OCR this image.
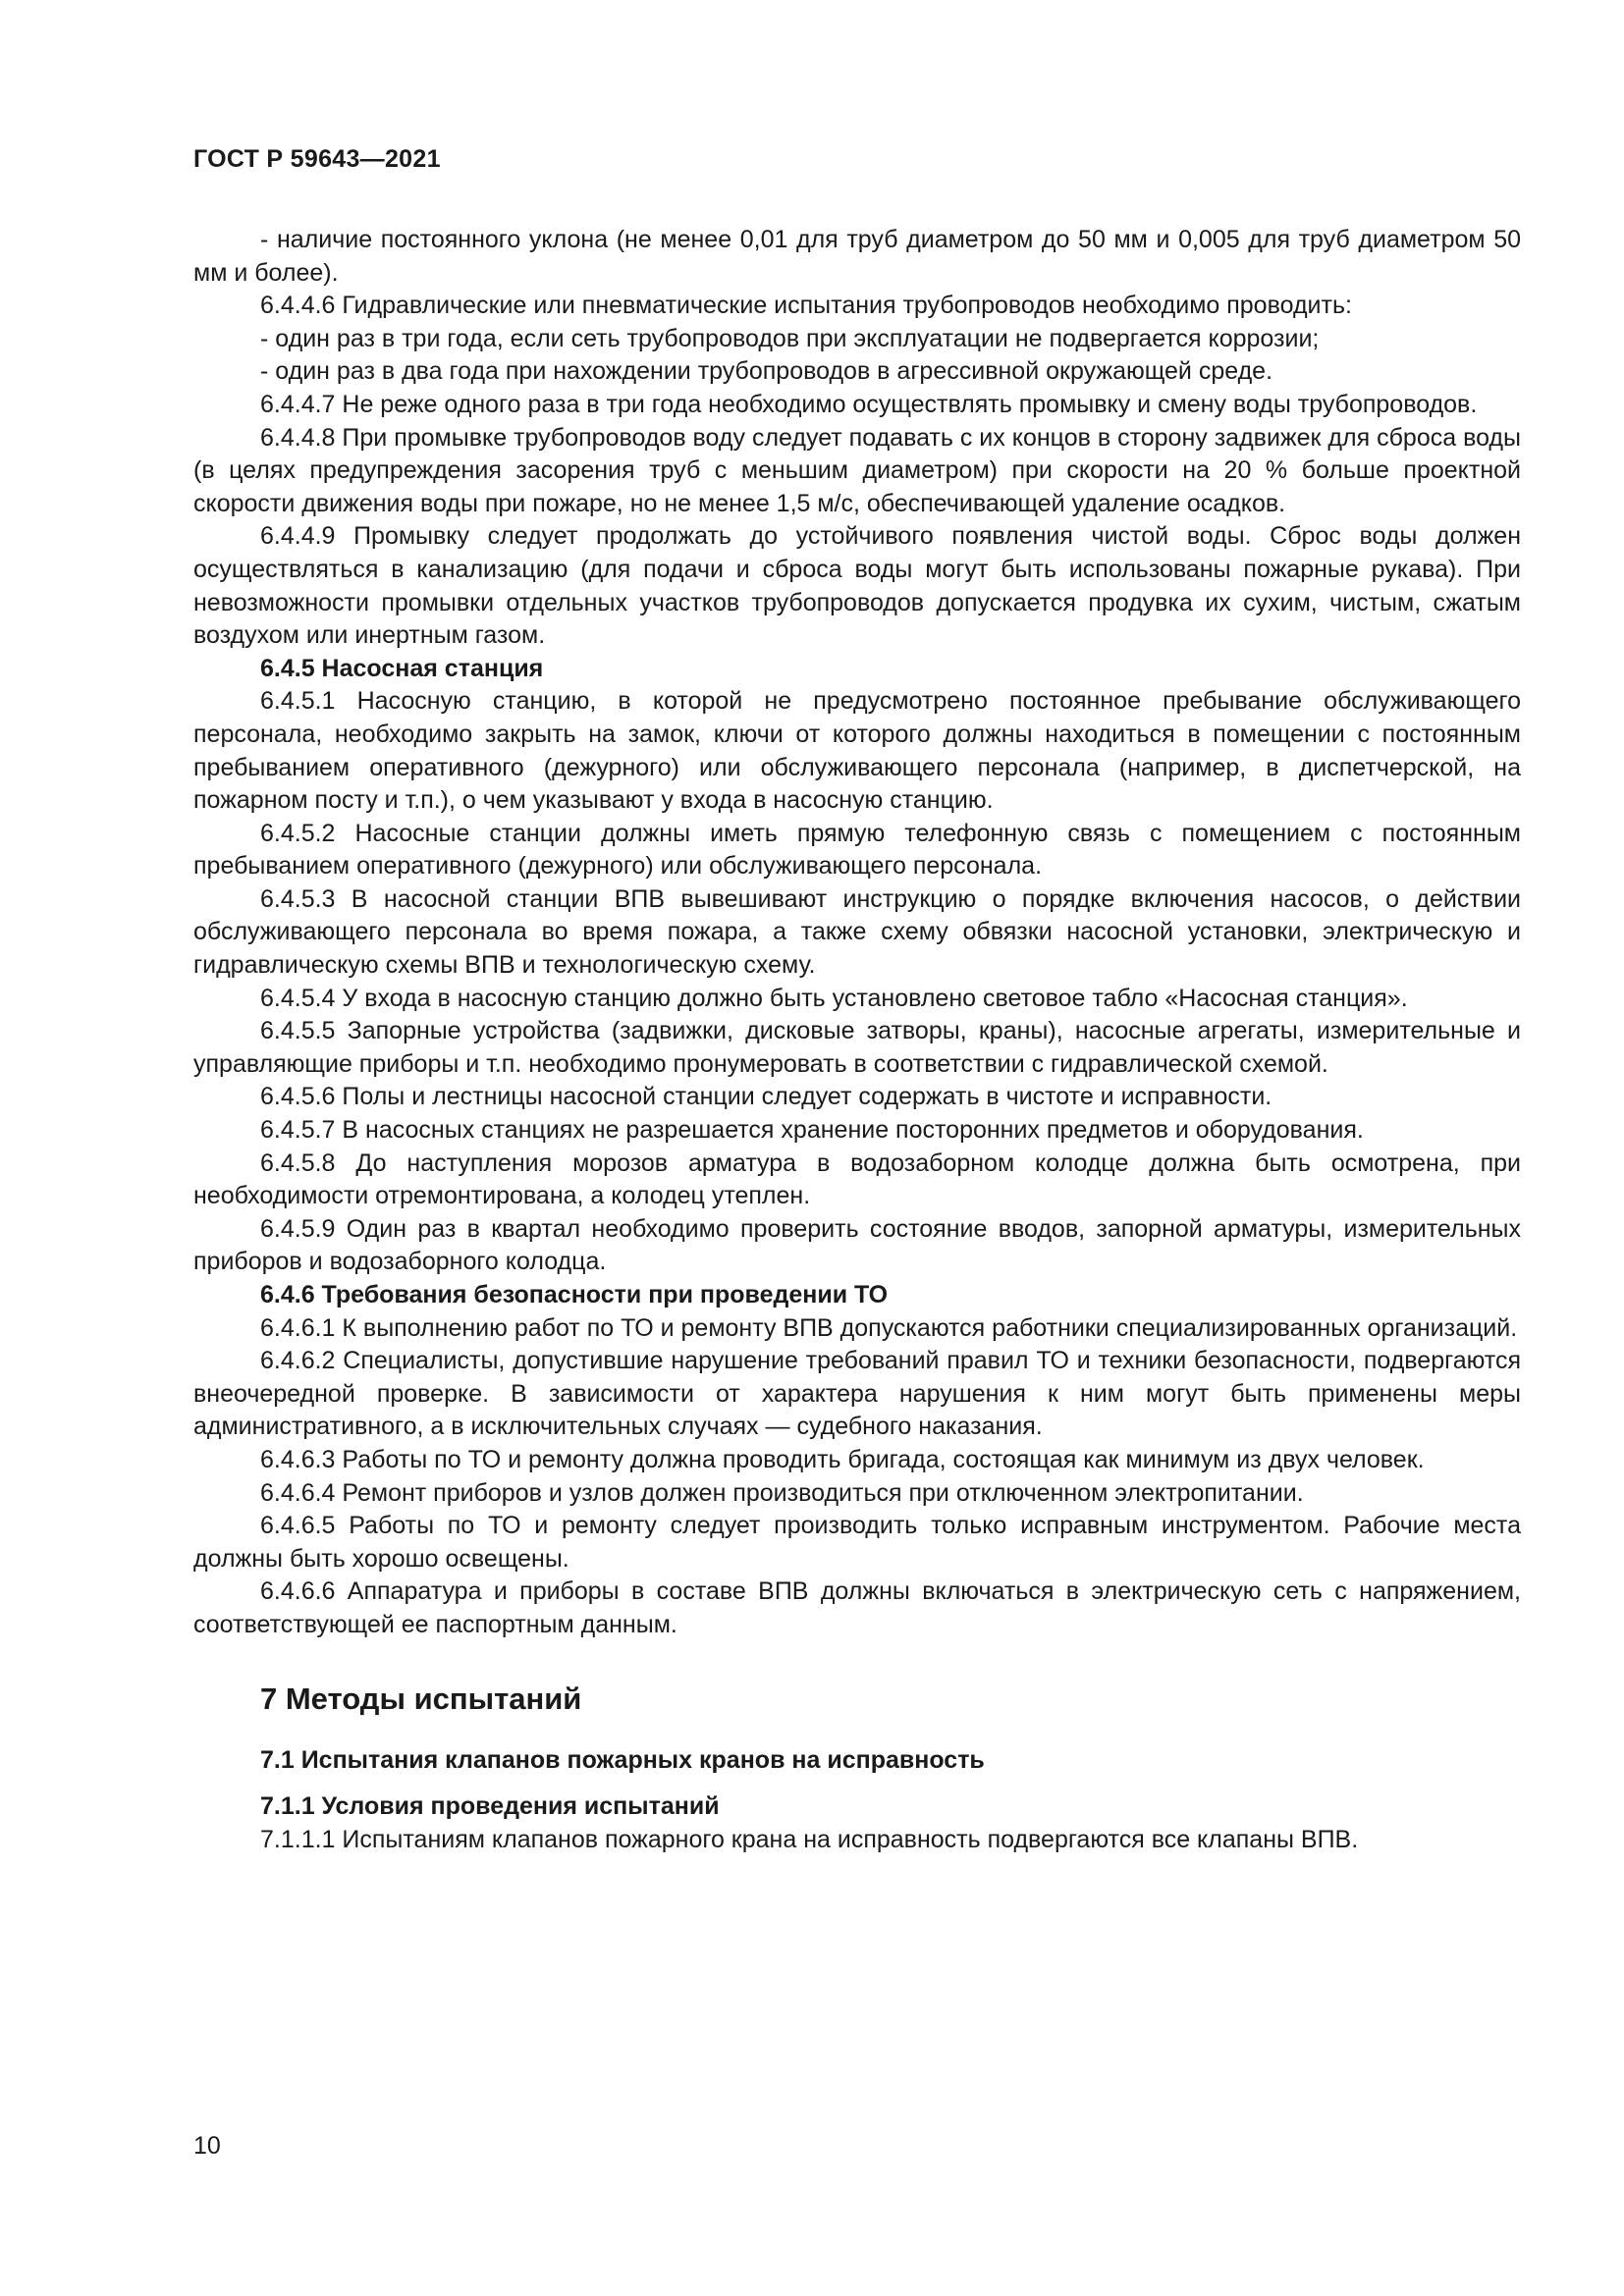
ГОСТ Р 59643—2021

- наличие постоянного уклона (не менее 0,01 для труб диаметром до 50 мм и 0,005 для труб диаметром 50 мм и более).

6.4.4.6 Гидравлические или пневматические испытания трубопроводов необходимо проводить:

- один раз в три года, если сеть трубопроводов при эксплуатации не подвергается коррозии;

- один раз в два года при нахождении трубопроводов в агрессивной окружающей среде.

6.4.4.7 Не реже одного раза в три года необходимо осуществлять промывку и смену воды трубопроводов.

6.4.4.8 При промывке трубопроводов воду следует подавать с их концов в сторону задвижек для сброса воды (в целях предупреждения засорения труб с меньшим диаметром) при скорости на 20 % больше проектной скорости движения воды при пожаре, но не менее 1,5 м/с, обеспечивающей удаление осадков.

6.4.4.9 Промывку следует продолжать до устойчивого появления чистой воды. Сброс воды должен осуществляться в канализацию (для подачи и сброса воды могут быть использованы пожарные рукава). При невозможности промывки отдельных участков трубопроводов допускается продувка их сухим, чистым, сжатым воздухом или инертным газом.

6.4.5 Насосная станция

6.4.5.1 Насосную станцию, в которой не предусмотрено постоянное пребывание обслуживающего персонала, необходимо закрыть на замок, ключи от которого должны находиться в помещении с постоянным пребыванием оперативного (дежурного) или обслуживающего персонала (например, в диспетчерской, на пожарном посту и т.п.), о чем указывают у входа в насосную станцию.

6.4.5.2 Насосные станции должны иметь прямую телефонную связь с помещением с постоянным пребыванием оперативного (дежурного) или обслуживающего персонала.

6.4.5.3 В насосной станции ВПВ вывешивают инструкцию о порядке включения насосов, о действии обслуживающего персонала во время пожара, а также схему обвязки насосной установки, электрическую и гидравлическую схемы ВПВ и технологическую схему.

6.4.5.4 У входа в насосную станцию должно быть установлено световое табло «Насосная станция».

6.4.5.5 Запорные устройства (задвижки, дисковые затворы, краны), насосные агрегаты, измерительные и управляющие приборы и т.п. необходимо пронумеровать в соответствии с гидравлической схемой.

6.4.5.6 Полы и лестницы насосной станции следует содержать в чистоте и исправности.

6.4.5.7 В насосных станциях не разрешается хранение посторонних предметов и оборудования.

6.4.5.8 До наступления морозов арматура в водозаборном колодце должна быть осмотрена, при необходимости отремонтирована, а колодец утеплен.

6.4.5.9 Один раз в квартал необходимо проверить состояние вводов, запорной арматуры, измерительных приборов и водозаборного колодца.

6.4.6 Требования безопасности при проведении ТО

6.4.6.1 К выполнению работ по ТО и ремонту ВПВ допускаются работники специализированных организаций.

6.4.6.2 Специалисты, допустившие нарушение требований правил ТО и техники безопасности, подвергаются внеочередной проверке. В зависимости от характера нарушения к ним могут быть применены меры административного, а в исключительных случаях — судебного наказания.

6.4.6.3 Работы по ТО и ремонту должна проводить бригада, состоящая как минимум из двух человек.

6.4.6.4 Ремонт приборов и узлов должен производиться при отключенном электропитании.

6.4.6.5 Работы по ТО и ремонту следует производить только исправным инструментом. Рабочие места должны быть хорошо освещены.

6.4.6.6 Аппаратура и приборы в составе ВПВ должны включаться в электрическую сеть с напряжением, соответствующей ее паспортным данным.

7 Методы испытаний
7.1 Испытания клапанов пожарных кранов на исправность

7.1.1 Условия проведения испытаний

7.1.1.1 Испытаниям клапанов пожарного крана на исправность подвергаются все клапаны ВПВ.

10
